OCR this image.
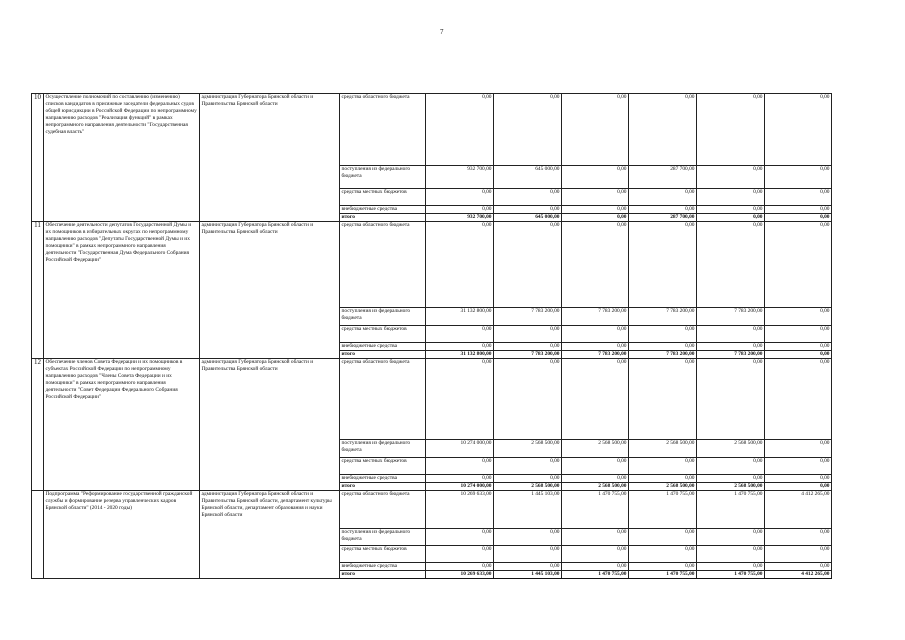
7
10	Осуществление полномочий по составлению (изменению) списков кандидатов в присяжные заседатели федеральных судов общей юрисдикции в Российской Федерации по непрограммному направлению расходов "Реализация функций" в рамках непрограммного направления деятельности "Государственная судебная власть"	администрация Губернатора Брянской области и Правительства Брянской области	средства областного бюджета	0,00	0,00	0,00	0,00	0,00	0,00
			поступления из федерального бюджета	932 700,00	645 000,00	0,00	287 700,00	0,00	0,00
			средства местных бюджетов	0,00	0,00	0,00	0,00	0,00	0,00
			внебюджетные средства	0,00	0,00	0,00	0,00	0,00	0,00
			итого	932 700,00	645 000,00	0,00	287 700,00	0,00	0,00
11	Обеспечение деятельности депутатов Государственной Думы и их помощников в избирательных округах по непрограммному направлению расходов "Депутаты Государственной Думы и их помощники" в рамках непрограммного направления деятельности "Государственная Дума Федерального Собрания Российской Федерации"	администрация Губернатора Брянской области и Правительства Брянской области	средства областного бюджета	0,00	0,00	0,00	0,00	0,00	0,00
			поступления из федерального бюджета	31 132 800,00	7 783 200,00	7 783 200,00	7 783 200,00	7 783 200,00	0,00
			средства местных бюджетов	0,00	0,00	0,00	0,00	0,00	0,00
			внебюджетные средства	0,00	0,00	0,00	0,00	0,00	0,00
			итого	31 132 800,00	7 783 200,00	7 783 200,00	7 783 200,00	7 783 200,00	0,00
12	Обеспечение членов Совета Федерации и их помощников в субъектах Российской Федерации по непрограммному направлению расходов "Члены Совета Федерации и их помощники" в рамках непрограммного направления деятельности "Совет Федерации Федерального Собрания Российской Федерации"	администрация Губернатора Брянской области и Правительства Брянской области	средства областного бюджета	0,00	0,00	0,00	0,00	0,00	0,00
			поступления из федерального бюджета	10 274 000,00	2 568 500,00	2 568 500,00	2 568 500,00	2 568 500,00	0,00
			средства местных бюджетов	0,00	0,00	0,00	0,00	0,00	0,00
			внебюджетные средства	0,00	0,00	0,00	0,00	0,00	0,00
			итого	10 274 000,00	2 568 500,00	2 568 500,00	2 568 500,00	2 568 500,00	0,00
	Подпрограмма "Реформирование государственной гражданской службы и формирование резерва управленческих кадров Брянской области" (2014 - 2020 годы)	администрация Губернатора Брянской области и Правительства Брянской области, департамент культуры Брянской области, департамент образования и науки Брянской области	средства областного бюджета	10 269 633,00	1 445 103,00	1 470 755,00	1 470 755,00	1 470 755,00	4 412 265,00
			поступления из федерального бюджета	0,00	0,00	0,00	0,00	0,00	0,00
			средства местных бюджетов	0,00	0,00	0,00	0,00	0,00	0,00
			внебюджетные средства	0,00	0,00	0,00	0,00	0,00	0,00
			итого	10 269 633,00	1 445 103,00	1 470 755,00	1 470 755,00	1 470 755,00	4 412 265,00
